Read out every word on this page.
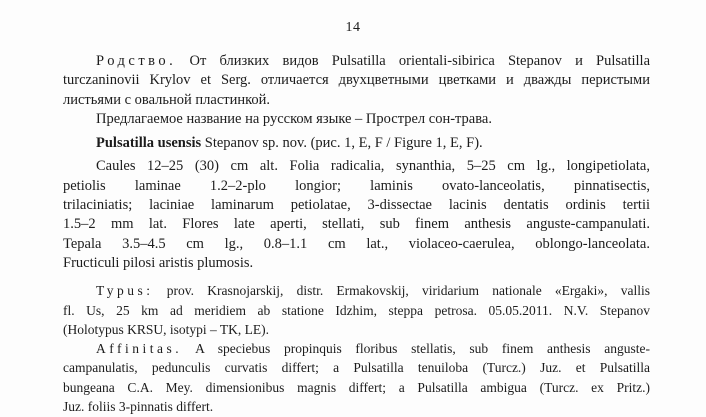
14
Родство. От близких видов Pulsatilla orientali-sibirica Stepanov и Pulsatilla
turczaninovii Krylov et Serg. отличается двухцветными цветками и дважды перистыми
листьями с овальной пластинкой.
Предлагаемое название на русском языке – Прострел сон-трава.
Pulsatilla usensis Stepanov sp. nov. (рис. 1, E, F / Figure 1, E, F).
Caules 12–25 (30) cm alt. Folia radicalia, synanthia, 5–25 cm lg., longipetiolata,
petiolis laminae 1.2–2-plo longior; laminis ovato-lanceolatis, pinnatisectis,
trilaciniatis; laciniae laminarum petiolatae, 3-dissectae lacinis dentatis ordinis tertii
1.5–2 mm lat. Flores late aperti, stellati, sub finem anthesis anguste-campanulati.
Tepala 3.5–4.5 cm lg., 0.8–1.1 cm lat., violaceo-caerulea, oblongo-lanceolata.
Fructiculi pilosi aristis plumosis.
Typus: prov. Krasnojarskij, distr. Ermakovskij, viridarium nationale «Ergaki», vallis
fl. Us, 25 km ad meridiem ab statione Idzhim, steppa petrosa. 05.05.2011. N.V. Stepanov
(Holotypus KRSU, isotypi – TK, LE).
Affinitas. A speciebus propinquis floribus stellatis, sub finem anthesis anguste-
campanulatis, pedunculis curvatis differt; a Pulsatilla tenuiloba (Turcz.) Juz. et Pulsatilla
bungeana C.A. Mey. dimensionibus magnis differt; a Pulsatilla ambigua (Turcz. ex Pritz.)
Juz. foliis 3-pinnatis differt.
